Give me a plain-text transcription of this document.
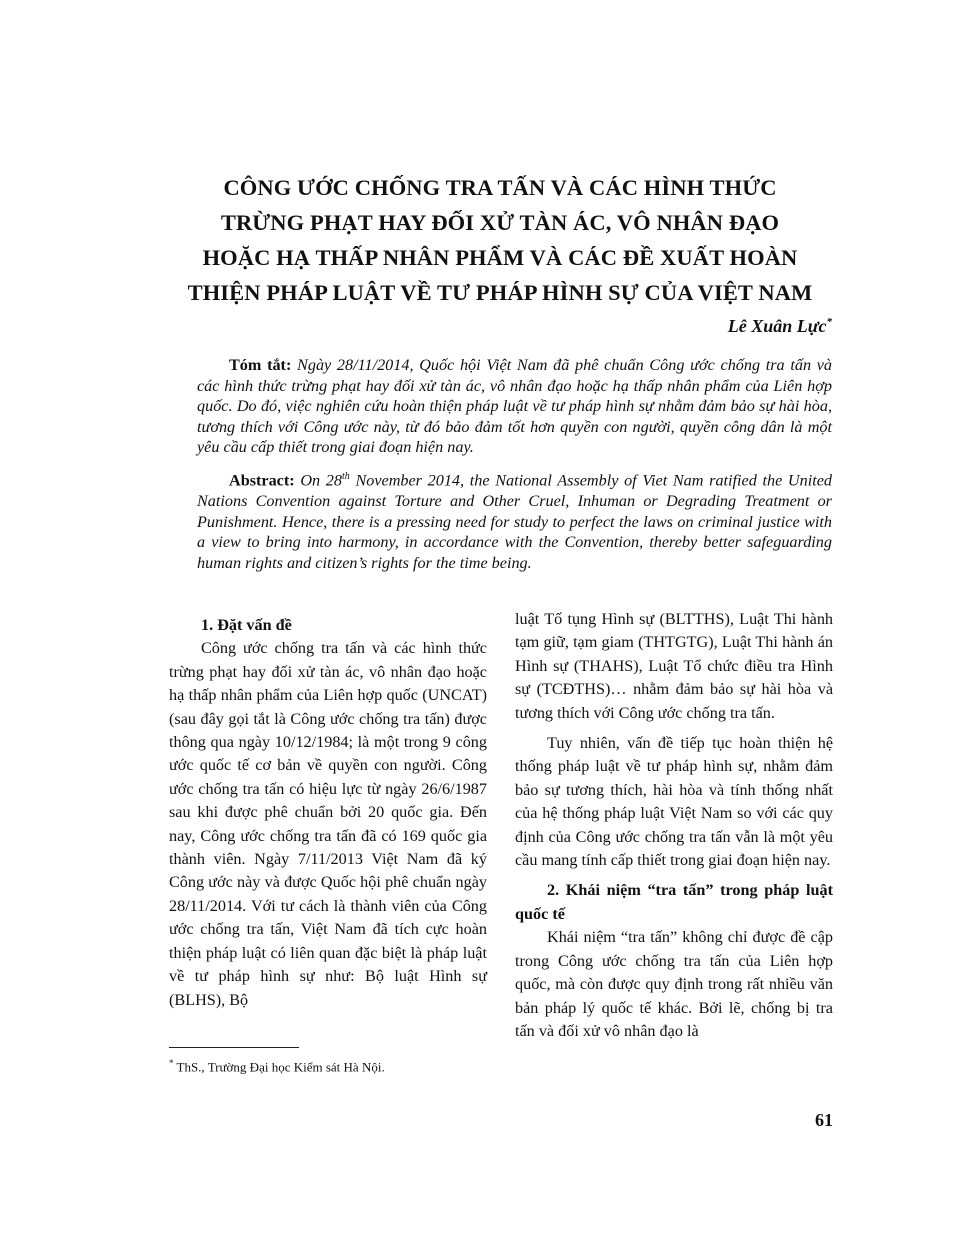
CÔNG ƯỚC CHỐNG TRA TẤN VÀ CÁC HÌNH THỨC
TRỪNG PHẠT HAY ĐỐI XỬ TÀN ÁC, VÔ NHÂN ĐẠO
HOẶC HẠ THẤP NHÂN PHẨM VÀ CÁC ĐỀ XUẤT HOÀN
THIỆN PHÁP LUẬT VỀ TƯ PHÁP HÌNH SỰ CỦA VIỆT NAM
Lê Xuân Lực*
Tóm tắt: Ngày 28/11/2014, Quốc hội Việt Nam đã phê chuẩn Công ước chống tra tấn và các hình thức trừng phạt hay đối xử tàn ác, vô nhân đạo hoặc hạ thấp nhân phẩm của Liên hợp quốc. Do đó, việc nghiên cứu hoàn thiện pháp luật về tư pháp hình sự nhằm đảm bảo sự hài hòa, tương thích với Công ước này, từ đó bảo đảm tốt hơn quyền con người, quyền công dân là một yêu cầu cấp thiết trong giai đoạn hiện nay.
Abstract: On 28th November 2014, the National Assembly of Viet Nam ratified the United Nations Convention against Torture and Other Cruel, Inhuman or Degrading Treatment or Punishment. Hence, there is a pressing need for study to perfect the laws on criminal justice with a view to bring into harmony, in accordance with the Convention, thereby better safeguarding human rights and citizen’s rights for the time being.
1. Đặt vấn đề

Công ước chống tra tấn và các hình thức trừng phạt hay đối xử tàn ác, vô nhân đạo hoặc hạ thấp nhân phẩm của Liên hợp quốc (UNCAT) (sau đây gọi tắt là Công ước chống tra tấn) được thông qua ngày 10/12/1984; là một trong 9 công ước quốc tế cơ bản về quyền con người. Công ước chống tra tấn có hiệu lực từ ngày 26/6/1987 sau khi được phê chuẩn bởi 20 quốc gia. Đến nay, Công ước chống tra tấn đã có 169 quốc gia thành viên. Ngày 7/11/2013 Việt Nam đã ký Công ước này và được Quốc hội phê chuẩn ngày 28/11/2014. Với tư cách là thành viên của Công ước chống tra tấn, Việt Nam đã tích cực hoàn thiện pháp luật có liên quan đặc biệt là pháp luật về tư pháp hình sự như: Bộ luật Hình sự (BLHS), Bộ

luật Tố tụng Hình sự (BLTTHS), Luật Thi hành tạm giữ, tạm giam (THTGTG), Luật Thi hành án Hình sự (THAHS), Luật Tổ chức điều tra Hình sự (TCĐTHS)… nhằm đảm bảo sự hài hòa và tương thích với Công ước chống tra tấn.

Tuy nhiên, vấn đề tiếp tục hoàn thiện hệ thống pháp luật về tư pháp hình sự, nhằm đảm bảo sự tương thích, hài hòa và tính thống nhất của hệ thống pháp luật Việt Nam so với các quy định của Công ước chống tra tấn vẫn là một yêu cầu mang tính cấp thiết trong giai đoạn hiện nay.

2. Khái niệm “tra tấn” trong pháp luật quốc tế

Khái niệm “tra tấn” không chỉ được đề cập trong Công ước chống tra tấn của Liên hợp quốc, mà còn được quy định trong rất nhiều văn bản pháp lý quốc tế khác. Bởi lẽ, chống bị tra tấn và đối xử vô nhân đạo là

* ThS., Trường Đại học Kiểm sát Hà Nội.
61
